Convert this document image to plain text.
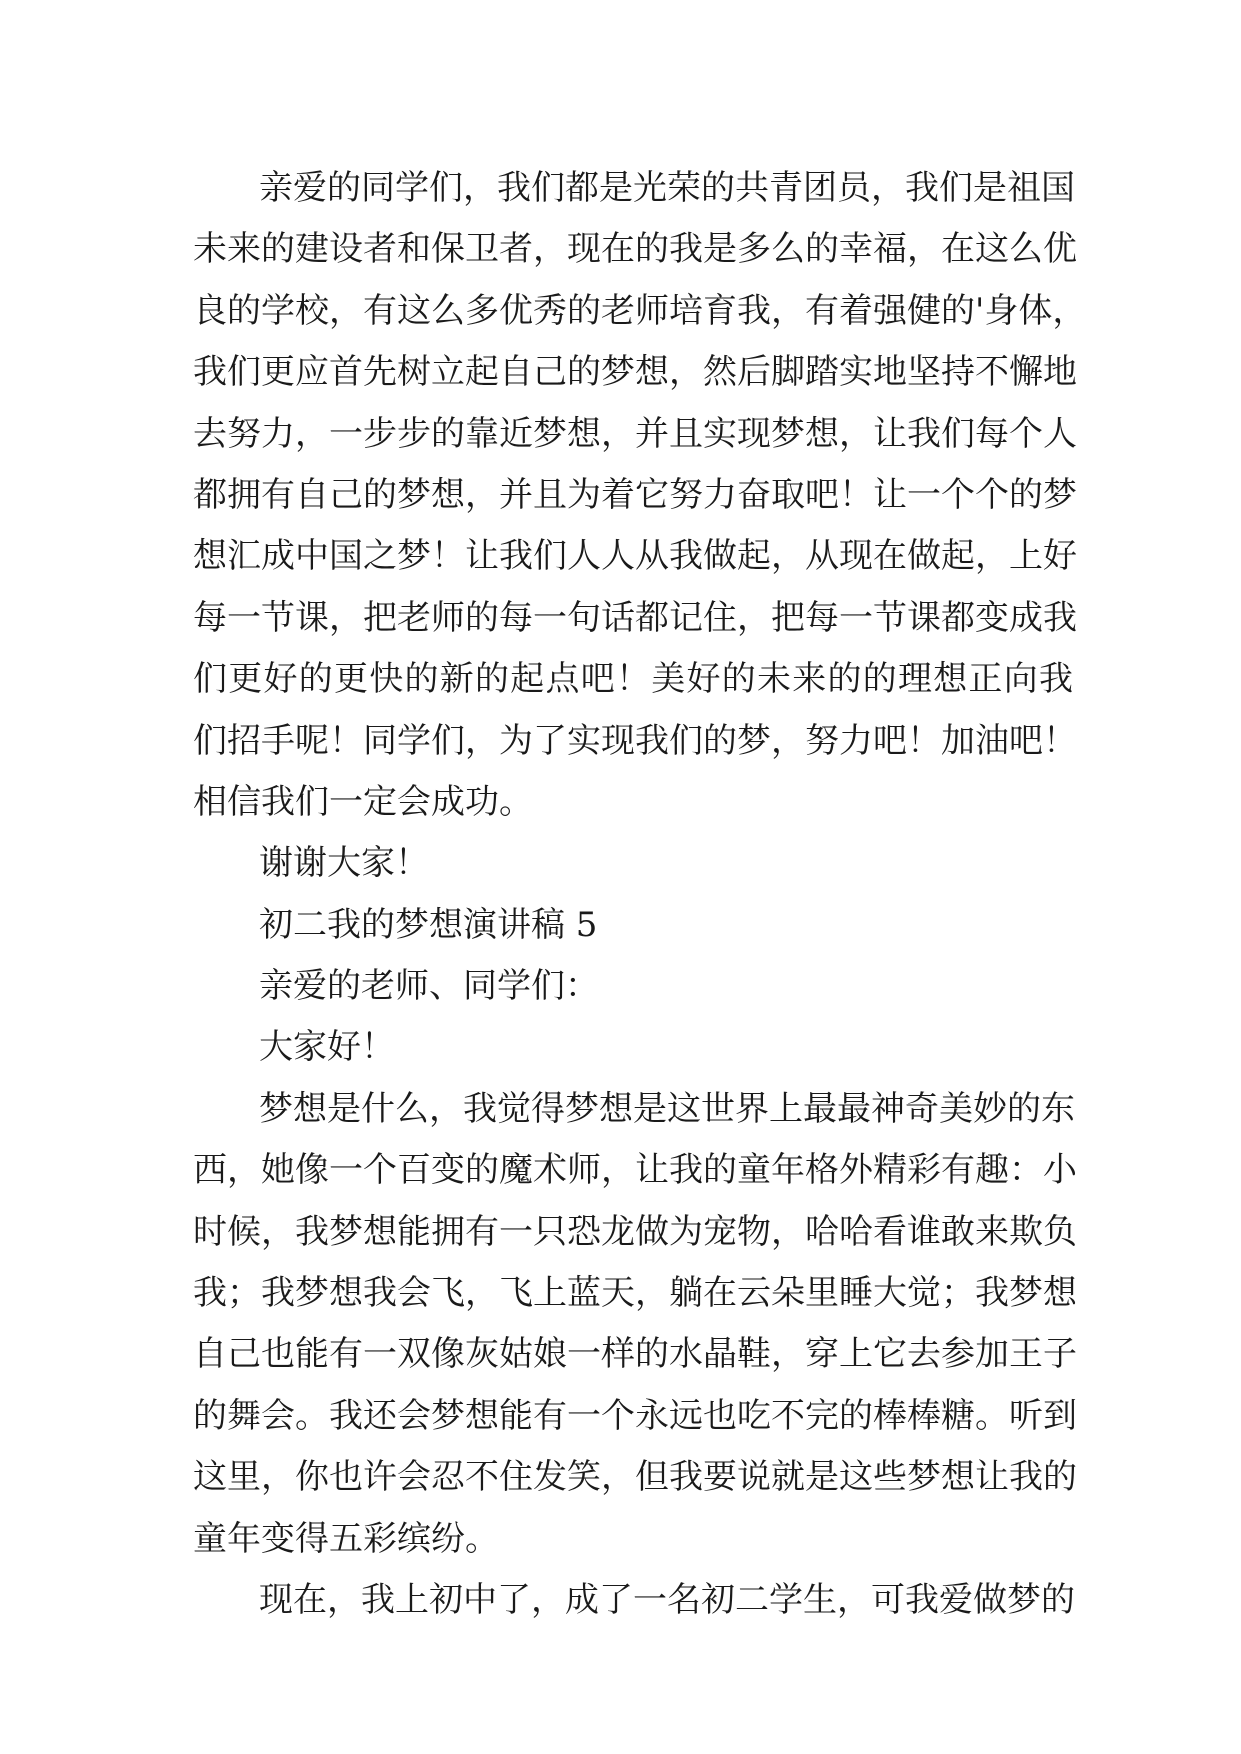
亲爱的同学们，我们都是光荣的共青团员，我们是祖国
未来的建设者和保卫者，现在的我是多么的幸福，在这么优
良的学校，有这么多优秀的老师培育我，有着强健的'身体，
我们更应首先树立起自己的梦想，然后脚踏实地坚持不懈地
去努力，一步步的靠近梦想，并且实现梦想，让我们每个人
都拥有自己的梦想，并且为着它努力奋取吧！让一个个的梦
想汇成中国之梦！让我们人人从我做起，从现在做起，上好
每一节课，把老师的每一句话都记住，把每一节课都变成我
们更好的更快的新的起点吧！美好的未来的的理想正向我
们招手呢！同学们，为了实现我们的梦，努力吧！加油吧！
相信我们一定会成功。
谢谢大家！
初二我的梦想演讲稿 5
亲爱的老师、同学们：
大家好！
梦想是什么，我觉得梦想是这世界上最最神奇美妙的东
西，她像一个百变的魔术师，让我的童年格外精彩有趣：小
时候，我梦想能拥有一只恐龙做为宠物，哈哈看谁敢来欺负
我；我梦想我会飞，飞上蓝天，躺在云朵里睡大觉；我梦想
自己也能有一双像灰姑娘一样的水晶鞋，穿上它去参加王子
的舞会。我还会梦想能有一个永远也吃不完的棒棒糖。听到
这里，你也许会忍不住发笑，但我要说就是这些梦想让我的
童年变得五彩缤纷。
现在，我上初中了，成了一名初二学生，可我爱做梦的
